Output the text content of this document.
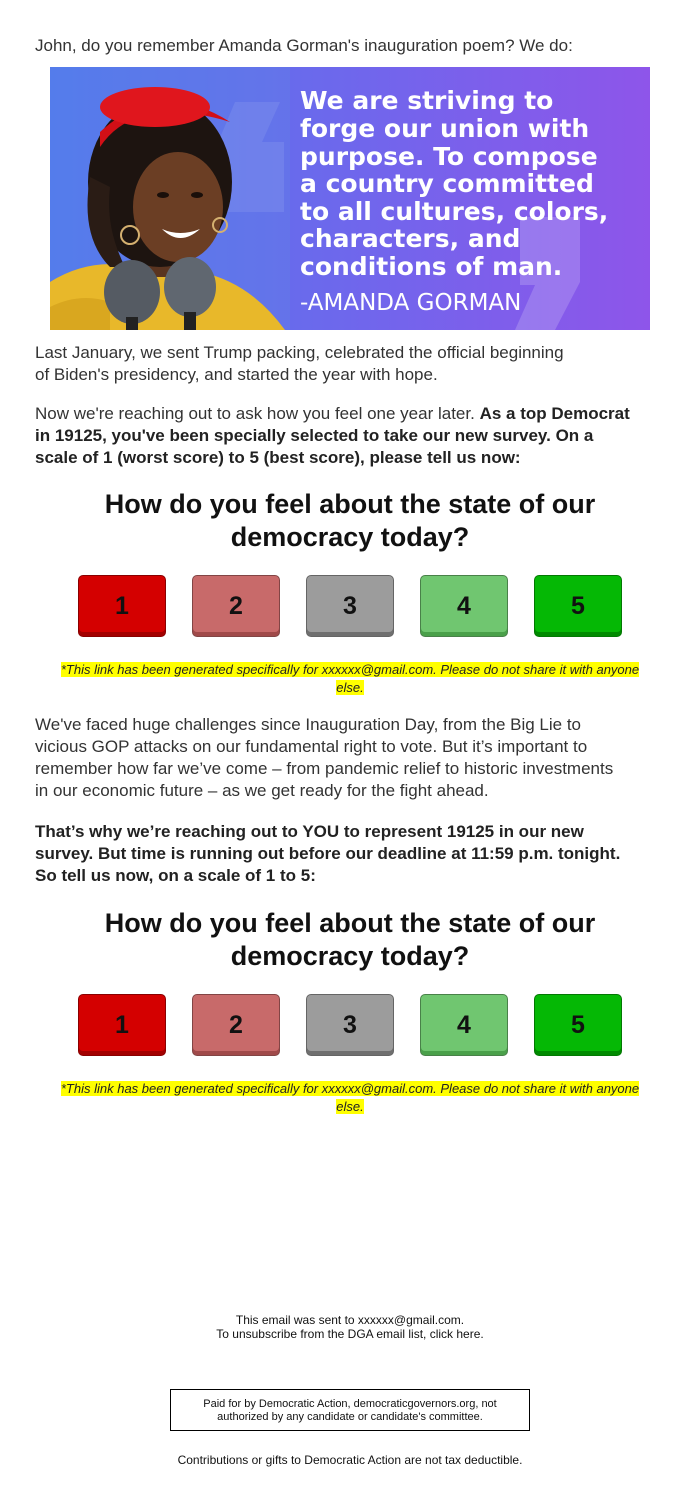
John, do you remember Amanda Gorman's inauguration poem? We do:

We are striving to
forge our union with
purpose. To compose
a country committed
to all cultures, colors,
characters, and
conditions of man.
-AMANDA GORMAN

Last January, we sent Trump packing, celebrated the official beginning
of Biden's presidency, and started the year with hope.

Now we're reaching out to ask how you feel one year later. As a top Democrat
in 19125, you've been specially selected to take our new survey. On a
scale of 1 (worst score) to 5 (best score), please tell us now:

How do you feel about the state of our
democracy today?
1	2	3	4	5

*This link has been generated specifically for xxxxxx@gmail.com. Please do not share it with anyone
else.

We've faced huge challenges since Inauguration Day, from the Big Lie to
vicious GOP attacks on our fundamental right to vote. But it’s important to
remember how far we’ve come – from pandemic relief to historic investments
in our economic future – as we get ready for the fight ahead.

That’s why we’re reaching out to YOU to represent 19125 in our new
survey. But time is running out before our deadline at 11:59 p.m. tonight.
So tell us now, on a scale of 1 to 5:

How do you feel about the state of our
democracy today?
1	2	3	4	5

*This link has been generated specifically for xxxxxx@gmail.com. Please do not share it with anyone
else.

This email was sent to xxxxxx@gmail.com.

To unsubscribe from the DGA email list, click here.

Paid for by Democratic Action, democraticgovernors.org, not
authorized by any candidate or candidate's committee.

Contributions or gifts to Democratic Action are not tax deductible.
